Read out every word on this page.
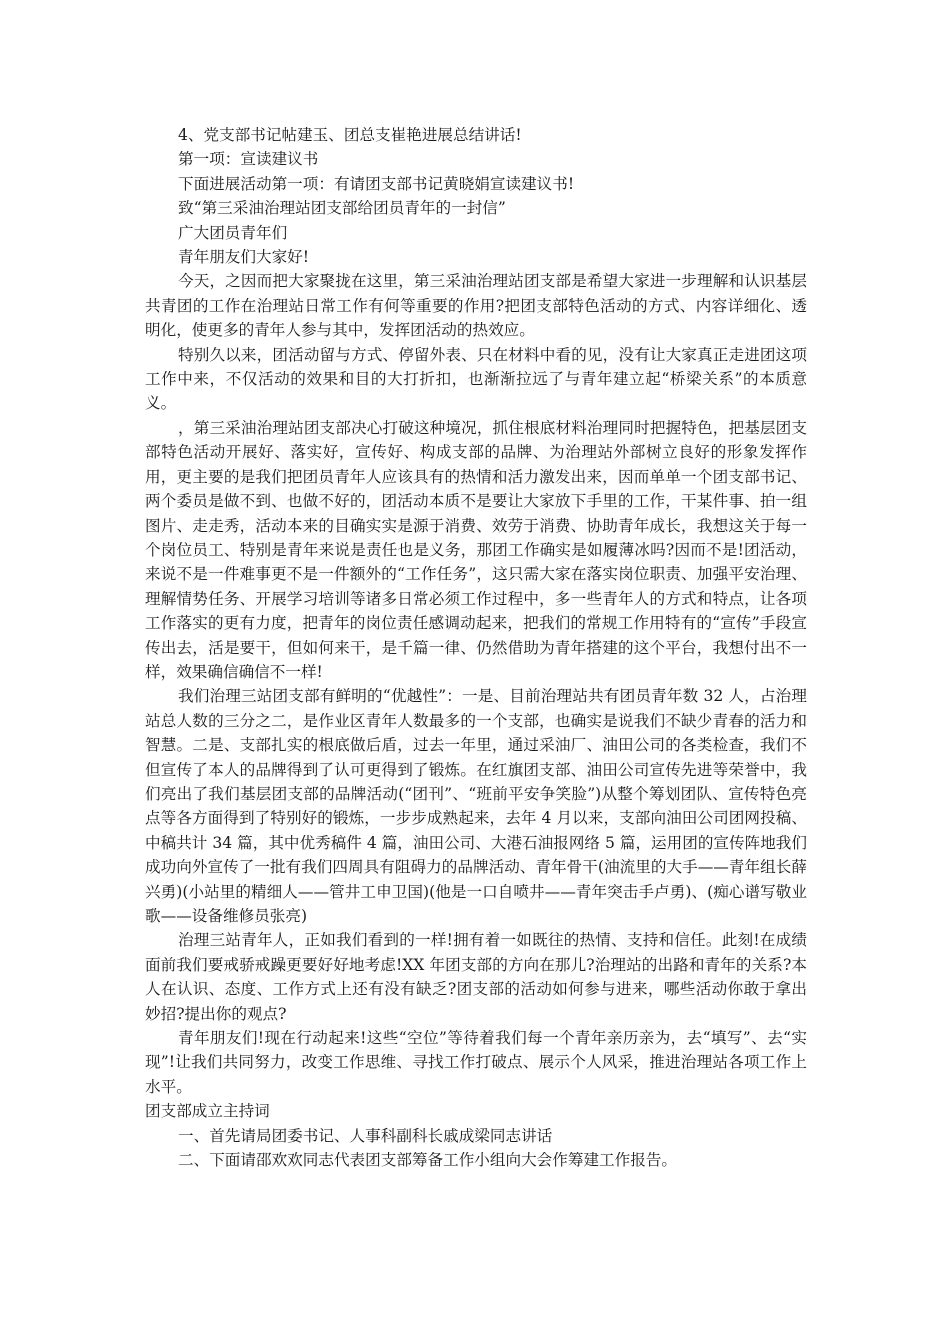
4、党支部书记帖建玉、团总支崔艳进展总结讲话!

第一项：宣读建议书

下面进展活动第一项：有请团支部书记黄晓娟宣读建议书!

致“第三采油治理站团支部给团员青年的一封信”

广大团员青年们

青年朋友们大家好!

今天，之因而把大家聚拢在这里，第三采油治理站团支部是希望大家进一步理解和认识基层共青团的工作在治理站日常工作有何等重要的作用?把团支部特色活动的方式、内容详细化、透明化，使更多的青年人参与其中，发挥团活动的热效应。

特别久以来，团活动留与方式、停留外表、只在材料中看的见，没有让大家真正走进团这项工作中来，不仅活动的效果和目的大打折扣，也渐渐拉远了与青年建立起“桥梁关系”的本质意义。

，第三采油治理站团支部决心打破这种境况，抓住根底材料治理同时把握特色，把基层团支部特色活动开展好、落实好，宣传好、构成支部的品牌、为治理站外部树立良好的形象发挥作用，更主要的是我们把团员青年人应该具有的热情和活力激发出来，因而单单一个团支部书记、两个委员是做不到、也做不好的，团活动本质不是要让大家放下手里的工作，干某件事、拍一组图片、走走秀，活动本来的目确实实是源于消费、效劳于消费、协助青年成长，我想这关于每一个岗位员工、特别是青年来说是责任也是义务，那团工作确实是如履薄冰吗?因而不是!团活动，来说不是一件难事更不是一件额外的“工作任务”，这只需大家在落实岗位职责、加强平安治理、理解情势任务、开展学习培训等诸多日常必须工作过程中，多一些青年人的方式和特点，让各项工作落实的更有力度，把青年的岗位责任感调动起来，把我们的常规工作用特有的“宣传”手段宣传出去，活是要干，但如何来干，是千篇一律、仍然借助为青年搭建的这个平台，我想付出不一样，效果确信确信不一样!

我们治理三站团支部有鲜明的“优越性”：一是、目前治理站共有团员青年数 32 人，占治理站总人数的三分之二，是作业区青年人数最多的一个支部，也确实是说我们不缺少青春的活力和智慧。二是、支部扎实的根底做后盾，过去一年里，通过采油厂、油田公司的各类检查，我们不但宣传了本人的品牌得到了认可更得到了锻炼。在红旗团支部、油田公司宣传先进等荣誉中，我们亮出了我们基层团支部的品牌活动(“团刊”、“班前平安争笑脸”)从整个筹划团队、宣传特色亮点等各方面得到了特别好的锻炼，一步步成熟起来，去年 4 月以来，支部向油田公司团网投稿、中稿共计 34 篇，其中优秀稿件 4 篇，油田公司、大港石油报网络 5 篇，运用团的宣传阵地我们成功向外宣传了一批有我们四周具有阻碍力的品牌活动、青年骨干(油流里的大手——青年组长薛兴勇)(小站里的精细人——管井工申卫国)(他是一口自喷井——青年突击手卢勇)、(痴心谱写敬业歌——设备维修员张亮)

治理三站青年人，正如我们看到的一样!拥有着一如既往的热情、支持和信任。此刻!在成绩面前我们要戒骄戒躁更要好好地考虑!XX 年团支部的方向在那儿?治理站的出路和青年的关系?本人在认识、态度、工作方式上还有没有缺乏?团支部的活动如何参与进来，哪些活动你敢于拿出妙招?提出你的观点?

青年朋友们!现在行动起来!这些“空位”等待着我们每一个青年亲历亲为，去“填写”、去“实现”!让我们共同努力，改变工作思维、寻找工作打破点、展示个人风采，推进治理站各项工作上水平。

团支部成立主持词

一、首先请局团委书记、人事科副科长戚成梁同志讲话

二、下面请邵欢欢同志代表团支部筹备工作小组向大会作筹建工作报告。
